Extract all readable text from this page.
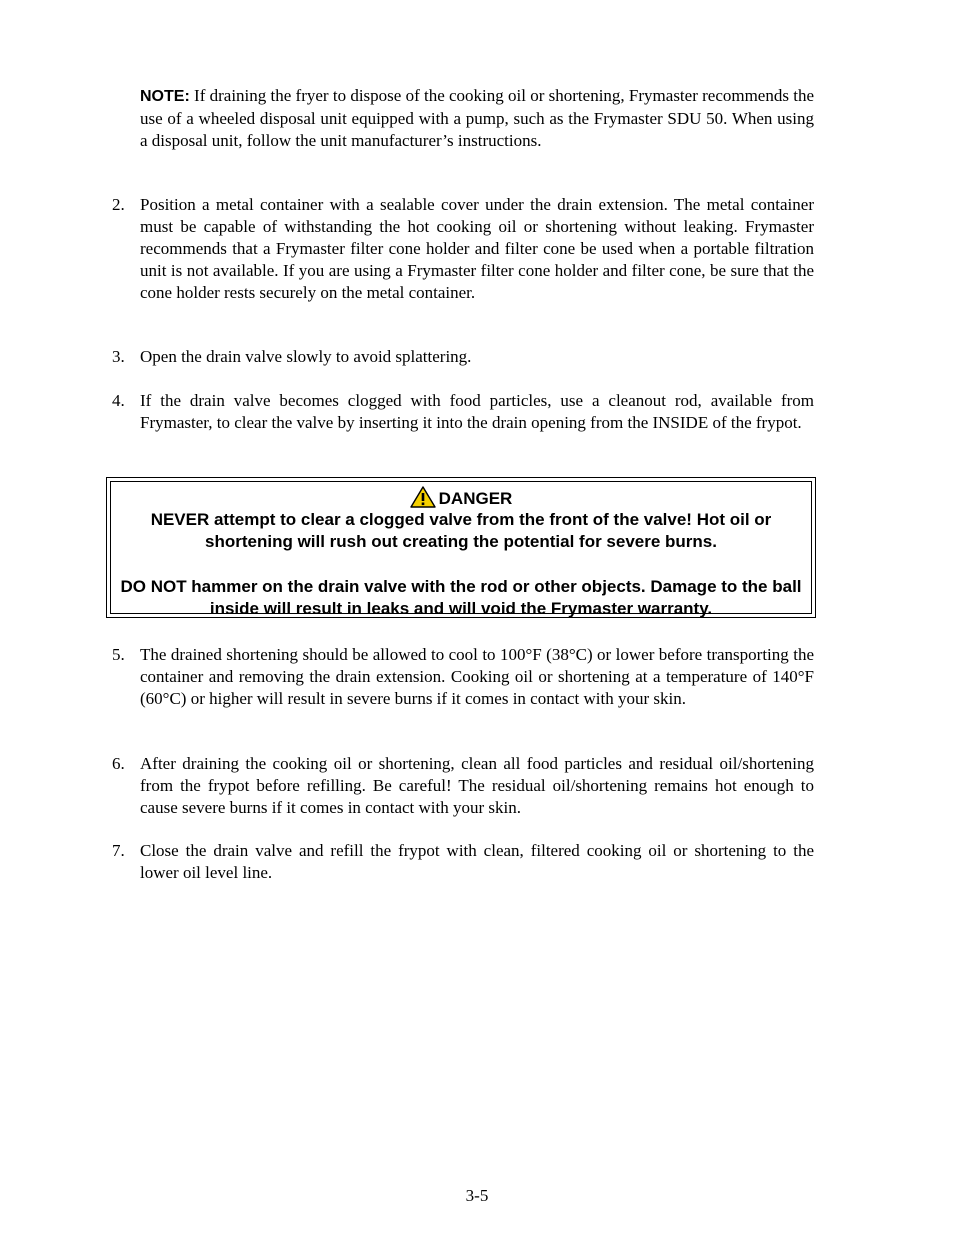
NOTE: If draining the fryer to dispose of the cooking oil or shortening, Frymaster recommends the use of a wheeled disposal unit equipped with a pump, such as the Frymaster SDU 50. When using a disposal unit, follow the unit manufacturer’s instructions.
2. Position a metal container with a sealable cover under the drain extension. The metal container must be capable of withstanding the hot cooking oil or shortening without leaking. Frymaster recommends that a Frymaster filter cone holder and filter cone be used when a portable filtration unit is not available. If you are using a Frymaster filter cone holder and filter cone, be sure that the cone holder rests securely on the metal container.
3. Open the drain valve slowly to avoid splattering.
4. If the drain valve becomes clogged with food particles, use a cleanout rod, available from Frymaster, to clear the valve by inserting it into the drain opening from the INSIDE of the frypot.
DANGER
NEVER attempt to clear a clogged valve from the front of the valve! Hot oil or shortening will rush out creating the potential for severe burns.
DO NOT hammer on the drain valve with the rod or other objects. Damage to the ball inside will result in leaks and will void the Frymaster warranty.
5. The drained shortening should be allowed to cool to 100°F (38°C) or lower before transporting the container and removing the drain extension. Cooking oil or shortening at a temperature of 140°F (60°C) or higher will result in severe burns if it comes in contact with your skin.
6. After draining the cooking oil or shortening, clean all food particles and residual oil/shortening from the frypot before refilling. Be careful! The residual oil/shortening remains hot enough to cause severe burns if it comes in contact with your skin.
7. Close the drain valve and refill the frypot with clean, filtered cooking oil or shortening to the lower oil level line.
3-5
